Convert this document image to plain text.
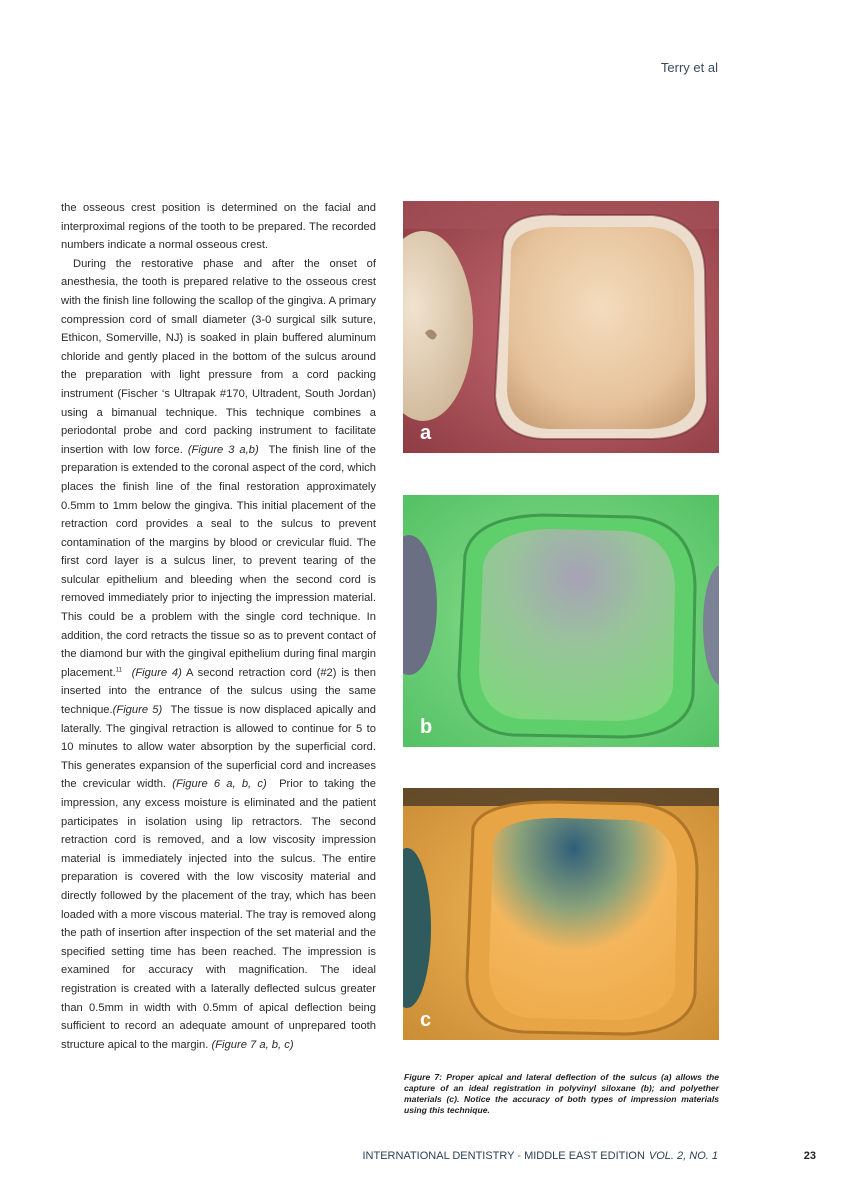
Terry et al

the osseous crest position is determined on the facial and interproximal regions of the tooth to be prepared. The recorded numbers indicate a normal osseous crest.

During the restorative phase and after the onset of anesthesia, the tooth is prepared relative to the osseous crest with the finish line following the scallop of the gingiva. A primary compression cord of small diameter (3-0 surgical silk suture, Ethicon, Somerville, NJ) is soaked in plain buffered aluminum chloride and gently placed in the bottom of the sulcus around the preparation with light pressure from a cord packing instrument (Fischer ‘s Ultrapak #170, Ultradent, South Jordan) using a bimanual technique. This technique combines a periodontal probe and cord packing instrument to facilitate insertion with low force. (Figure 3 a,b) The finish line of the preparation is extended to the coronal aspect of the cord, which places the finish line of the final restoration approximately 0.5mm to 1mm below the gingiva. This initial placement of the retraction cord provides a seal to the sulcus to prevent contamination of the margins by blood or crevicular fluid. The first cord layer is a sulcus liner, to prevent tearing of the sulcular epithelium and bleeding when the second cord is removed immediately prior to injecting the impression material. This could be a problem with the single cord technique. In addition, the cord retracts the tissue so as to prevent contact of the diamond bur with the gingival epithelium during final margin placement.$^{11}$ (Figure 4) A second retraction cord (#2) is then inserted into the entrance of the sulcus using the same technique.(Figure 5) The tissue is now displaced apically and laterally. The gingival retraction is allowed to continue for 5 to 10 minutes to allow water absorption by the superficial cord. This generates expansion of the superficial cord and increases the crevicular width. (Figure 6 a, b, c) Prior to taking the impression, any excess moisture is eliminated and the patient participates in isolation using lip retractors. The second retraction cord is removed, and a low viscosity impression material is immediately injected into the sulcus. The entire preparation is covered with the low viscosity material and directly followed by the placement of the tray, which has been loaded with a more viscous material. The tray is removed along the path of insertion after inspection of the set material and the specified setting time has been reached. The impression is examined for accuracy with magnification. The ideal registration is created with a laterally deflected sulcus greater than 0.5mm in width with 0.5mm of apical deflection being sufficient to record an adequate amount of unprepared tooth structure apical to the margin. (Figure 7 a, b, c)

a
b
c
Figure 7: Proper apical and lateral deflection of the sulcus (a) allows the capture of an ideal registration in polyvinyl siloxane (b); and polyether materials (c). Notice the accuracy of both types of impression materials using this technique.
INTERNATIONAL DENTISTRY - MIDDLE EAST EDITION VOL. 2, NO. 1	23
